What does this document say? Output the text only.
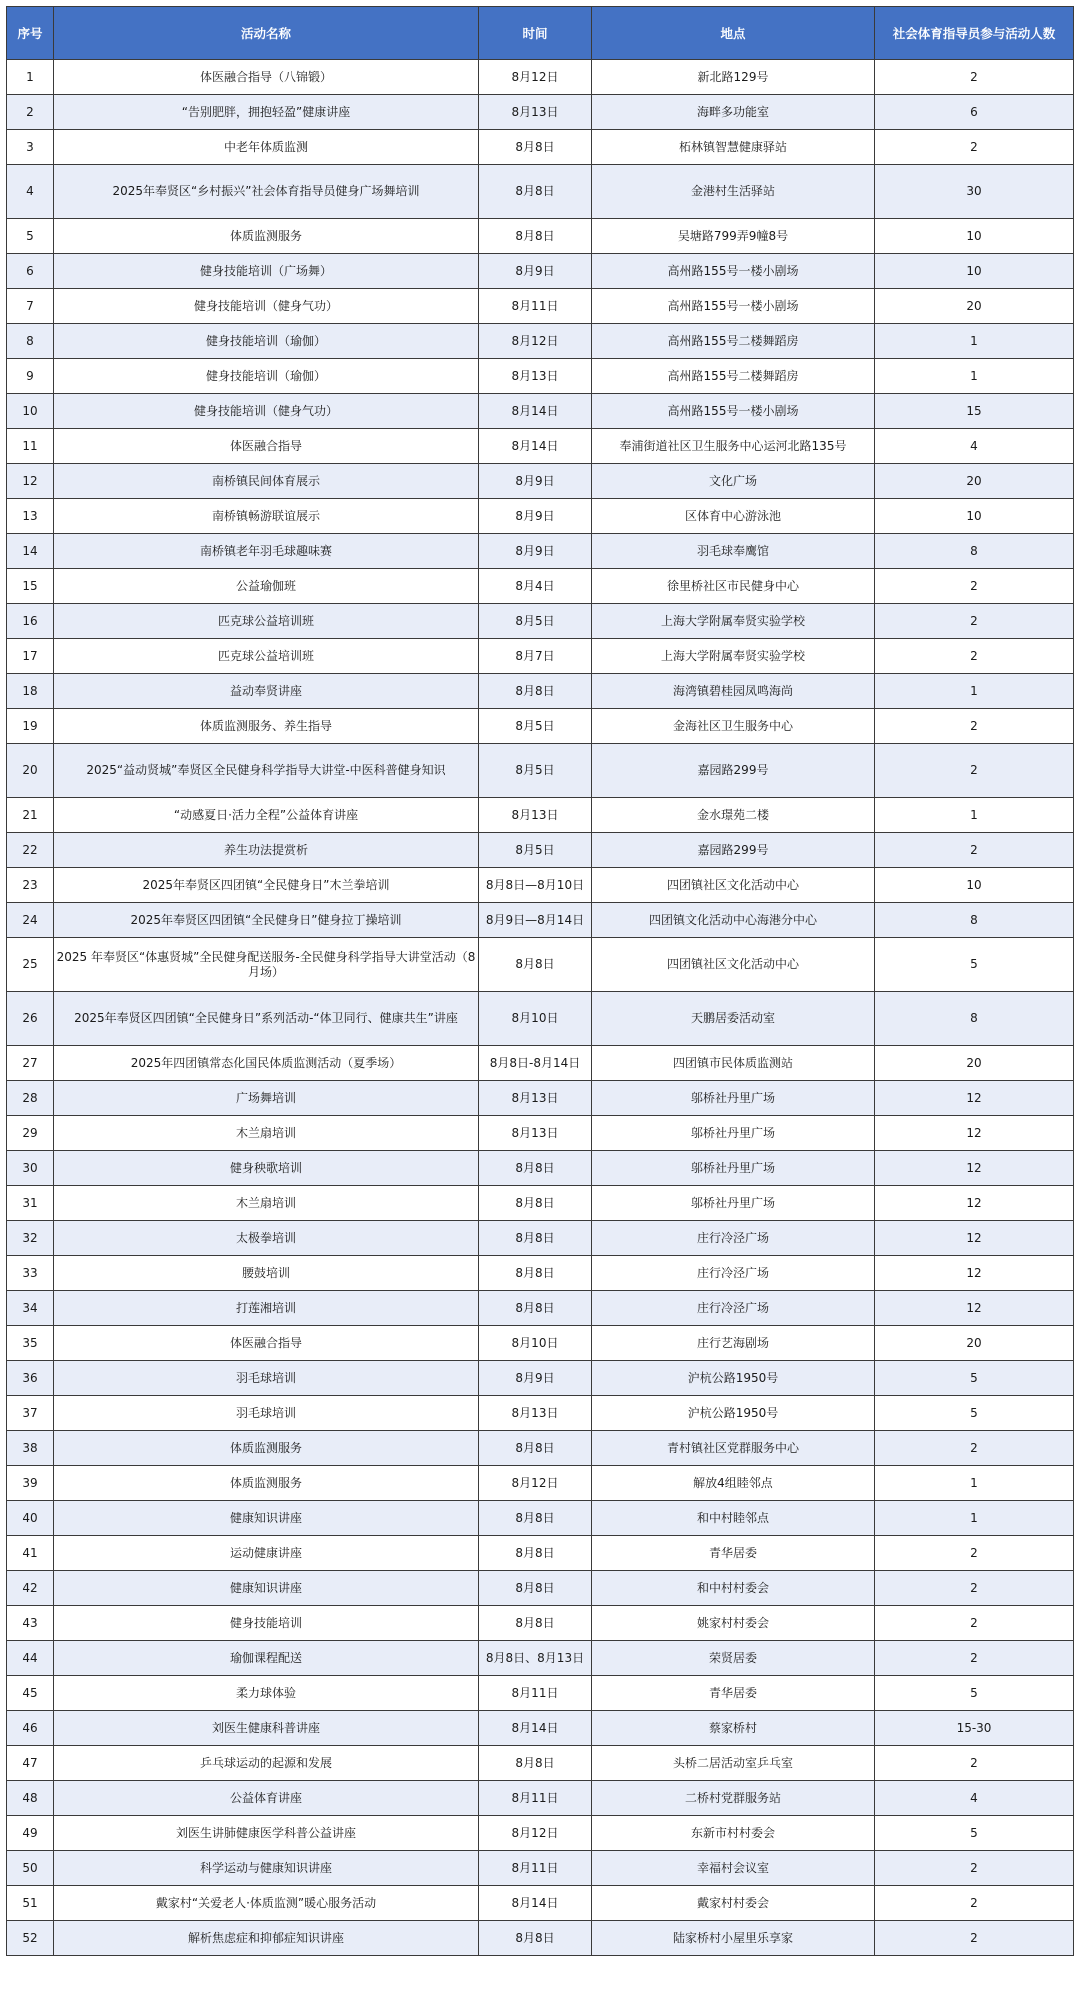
序号	活动名称	时间	地点	社会体育指导员参与活动人数
1	体医融合指导（八锦锻）	8月12日	新北路129号	2
2	“告别肥胖，拥抱轻盈”健康讲座	8月13日	海畔多功能室	6
3	中老年体质监测	8月8日	柘林镇智慧健康驿站	2
4	2025年奉贤区“乡村振兴”社会体育指导员健身广场舞培训	8月8日	金港村生活驿站	30
5	体质监测服务	8月8日	吴塘路799弄9幢8号	10
6	健身技能培训（广场舞）	8月9日	高州路155号一楼小剧场	10
7	健身技能培训（健身气功）	8月11日	高州路155号一楼小剧场	20
8	健身技能培训（瑜伽）	8月12日	高州路155号二楼舞蹈房	1
9	健身技能培训（瑜伽）	8月13日	高州路155号二楼舞蹈房	1
10	健身技能培训（健身气功）	8月14日	高州路155号一楼小剧场	15
11	体医融合指导	8月14日	奉浦街道社区卫生服务中心运河北路135号	4
12	南桥镇民间体育展示	8月9日	文化广场	20
13	南桥镇畅游联谊展示	8月9日	区体育中心游泳池	10
14	南桥镇老年羽毛球趣味赛	8月9日	羽毛球奉鹰馆	8
15	公益瑜伽班	8月4日	徐里桥社区市民健身中心	2
16	匹克球公益培训班	8月5日	上海大学附属奉贤实验学校	2
17	匹克球公益培训班	8月7日	上海大学附属奉贤实验学校	2
18	益动奉贤讲座	8月8日	海湾镇碧桂园凤鸣海尚	1
19	体质监测服务、养生指导	8月5日	金海社区卫生服务中心	2
20	2025“益动贤城”奉贤区全民健身科学指导大讲堂-中医科普健身知识	8月5日	嘉园路299号	2
21	“动感夏日·活力全程”公益体育讲座	8月13日	金水璟苑二楼	1
22	养生功法提赏析	8月5日	嘉园路299号	2
23	2025年奉贤区四团镇“全民健身日”木兰拳培训	8月8日—8月10日	四团镇社区文化活动中心	10
24	2025年奉贤区四团镇“全民健身日”健身拉丁操培训	8月9日—8月14日	四团镇文化活动中心海港分中心	8
25	2025 年奉贤区“体惠贤城”全民健身配送服务-全民健身科学指导大讲堂活动（8月场）	8月8日	四团镇社区文化活动中心	5
26	2025年奉贤区四团镇“全民健身日”系列活动-“体卫同行、健康共生”讲座	8月10日	天鹏居委活动室	8
27	2025年四团镇常态化国民体质监测活动（夏季场）	8月8日-8月14日	四团镇市民体质监测站	20
28	广场舞培训	8月13日	邬桥社丹里广场	12
29	木兰扇培训	8月13日	邬桥社丹里广场	12
30	健身秧歌培训	8月8日	邬桥社丹里广场	12
31	木兰扇培训	8月8日	邬桥社丹里广场	12
32	太极拳培训	8月8日	庄行冷泾广场	12
33	腰鼓培训	8月8日	庄行冷泾广场	12
34	打莲湘培训	8月8日	庄行冷泾广场	12
35	体医融合指导	8月10日	庄行艺海剧场	20
36	羽毛球培训	8月9日	沪杭公路1950号	5
37	羽毛球培训	8月13日	沪杭公路1950号	5
38	体质监测服务	8月8日	青村镇社区党群服务中心	2
39	体质监测服务	8月12日	解放4组睦邻点	1
40	健康知识讲座	8月8日	和中村睦邻点	1
41	运动健康讲座	8月8日	青华居委	2
42	健康知识讲座	8月8日	和中村村委会	2
43	健身技能培训	8月8日	姚家村村委会	2
44	瑜伽课程配送	8月8日、8月13日	荣贤居委	2
45	柔力球体验	8月11日	青华居委	5
46	刘医生健康科普讲座	8月14日	蔡家桥村	15-30
47	乒乓球运动的起源和发展	8月8日	头桥二居活动室乒乓室	2
48	公益体育讲座	8月11日	二桥村党群服务站	4
49	刘医生讲肺健康医学科普公益讲座	8月12日	东新市村村委会	5
50	科学运动与健康知识讲座	8月11日	幸福村会议室	2
51	戴家村“关爱老人·体质监测”暖心服务活动	8月14日	戴家村村委会	2
52	解析焦虑症和抑郁症知识讲座	8月8日	陆家桥村小屋里乐享家	2
